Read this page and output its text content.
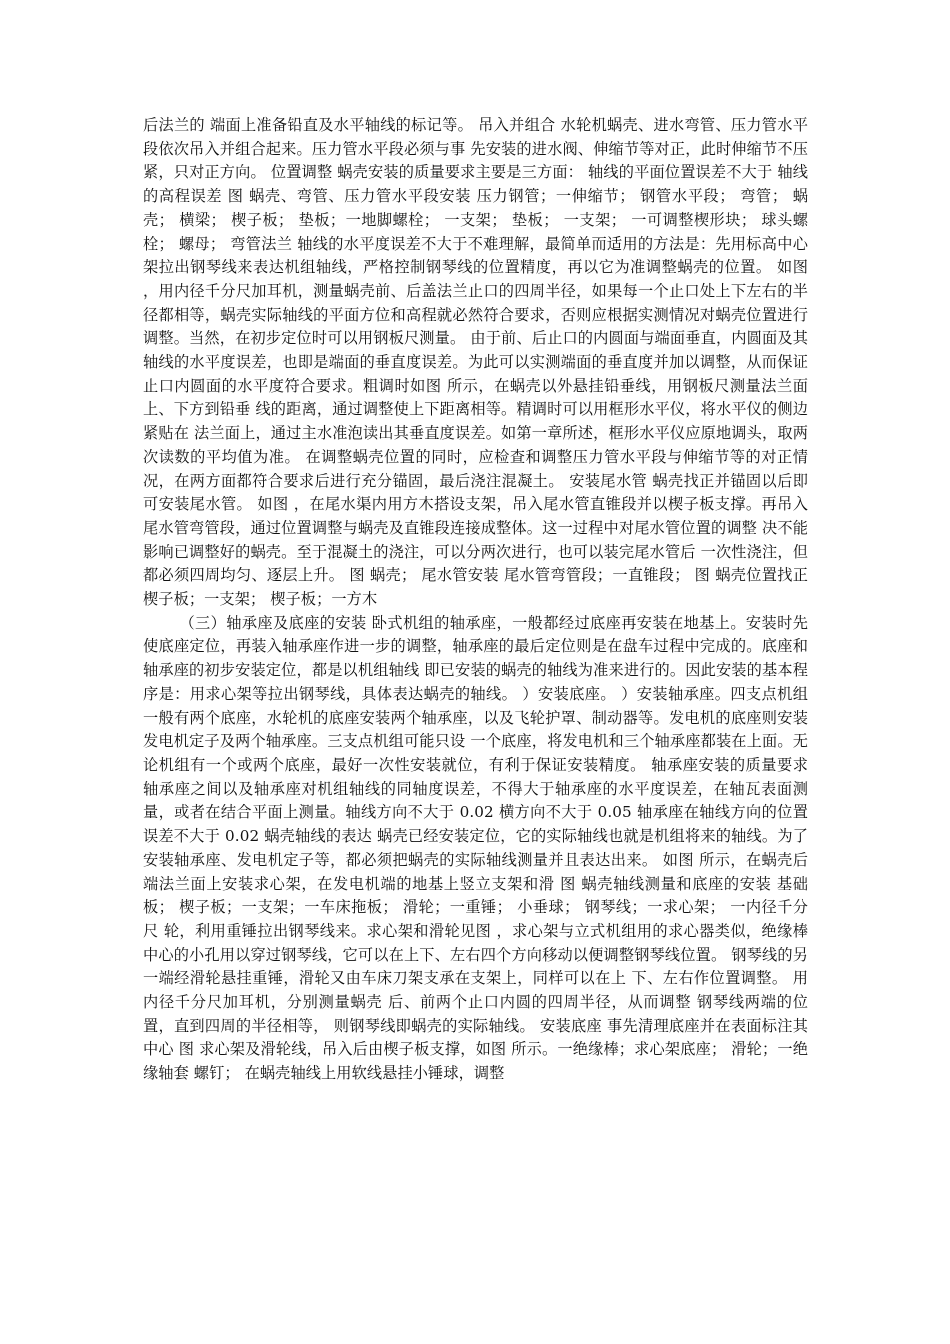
后法兰的 端面上准备铅直及水平轴线的标记等。 吊入并组合 水轮机蜗壳、进水弯管、压力管水平段依次吊入并组合起来。压力管水平段必须与事 先安装的进水阀、伸缩节等对正，此时伸缩节不压紧，只对正方向。 位置调整 蜗壳安装的质量要求主要是三方面： 轴线的平面位置误差不大于 轴线的高程误差 图 蜗壳、弯管、压力管水平段安装 压力钢管；一伸缩节； 钢管水平段； 弯管； 蜗壳； 横梁； 楔子板； 垫板；一地脚螺栓； 一支架； 垫板； 一支架； 一可调整楔形块； 球头螺栓； 螺母； 弯管法兰 轴线的水平度误差不大于不难理解，最简单而适用的方法是：先用标高中心架拉出钢琴线来表达机组轴线，严格控制钢琴线的位置精度，再以它为准调整蜗壳的位置。 如图 ，用内径千分尺加耳机，测量蜗壳前、后盖法兰止口的四周半径，如果每一个止口处上下左右的半径都相等，蜗壳实际轴线的平面方位和高程就必然符合要求，否则应根据实测情况对蜗壳位置进行调整。当然，在初步定位时可以用钢板尺测量。 由于前、后止口的内圆面与端面垂直，内圆面及其轴线的水平度误差，也即是端面的垂直度误差。为此可以实测端面的垂直度并加以调整，从而保证止口内圆面的水平度符合要求。粗调时如图 所示，在蜗壳以外悬挂铅垂线，用钢板尺测量法兰面上、下方到铅垂 线的距离，通过调整使上下距离相等。精调时可以用框形水平仪，将水平仪的侧边紧贴在 法兰面上，通过主水准泡读出其垂直度误差。如第一章所述，框形水平仪应原地调头，取两次读数的平均值为准。 在调整蜗壳位置的同时，应检查和调整压力管水平段与伸缩节等的对正情况，在两方面都符合要求后进行充分锚固，最后浇注混凝土。 安装尾水管 蜗壳找正并锚固以后即可安装尾水管。 如图 ，在尾水渠内用方木搭设支架，吊入尾水管直锥段并以楔子板支撑。再吊入尾水管弯管段，通过位置调整与蜗壳及直锥段连接成整体。这一过程中对尾水管位置的调整 决不能影响已调整好的蜗壳。至于混凝土的浇注，可以分两次进行，也可以装完尾水管后 一次性浇注，但都必须四周均匀、逐层上升。 图 蜗壳； 尾水管安装 尾水管弯管段；一直锥段； 图 蜗壳位置找正 楔子板；一支架； 楔子板；一方木

（三）轴承座及底座的安装 卧式机组的轴承座，一般都经过底座再安装在地基上。安装时先使底座定位，再装入轴承座作进一步的调整，轴承座的最后定位则是在盘车过程中完成的。底座和轴承座的初步安装定位，都是以机组轴线 即已安装的蜗壳的轴线为准来进行的。因此安装的基本程序是：用求心架等拉出钢琴线，具体表达蜗壳的轴线。 ）安装底座。 ）安装轴承座。四支点机组一般有两个底座，水轮机的底座安装两个轴承座，以及飞轮护罩、制动器等。发电机的底座则安装发电机定子及两个轴承座。三支点机组可能只设 一个底座，将发电机和三个轴承座都装在上面。无论机组有一个或两个底座，最好一次性安装就位，有利于保证安装精度。 轴承座安装的质量要求 轴承座之间以及轴承座对机组轴线的同轴度误差，不得大于轴承座的水平度误差，在轴瓦表面测量，或者在结合平面上测量。轴线方向不大于 0.02 横方向不大于 0.05 轴承座在轴线方向的位置误差不大于 0.02 蜗壳轴线的表达 蜗壳已经安装定位，它的实际轴线也就是机组将来的轴线。为了安装轴承座、发电机定子等，都必须把蜗壳的实际轴线测量并且表达出来。 如图 所示，在蜗壳后端法兰面上安装求心架，在发电机端的地基上竖立支架和滑 图 蜗壳轴线测量和底座的安装 基础板； 楔子板；一支架；一车床拖板； 滑轮；一重锤； 小垂球； 钢琴线；一求心架； 一内径千分尺 轮，利用重锤拉出钢琴线来。求心架和滑轮见图 ，求心架与立式机组用的求心器类似，绝缘棒中心的小孔用以穿过钢琴线，它可以在上下、左右四个方向移动以便调整钢琴线位置。 钢琴线的另一端经滑轮悬挂重锤，滑轮又由车床刀架支承在支架上，同样可以在上 下、左右作位置调整。 用内径千分尺加耳机，分别测量蜗壳 后、前两个止口内圆的四周半径，从而调整 钢琴线两端的位置，直到四周的半径相等， 则钢琴线即蜗壳的实际轴线。 安装底座 事先清理底座并在表面标注其中心 图 求心架及滑轮线，吊入后由楔子板支撑，如图 所示。一绝缘棒；求心架底座； 滑轮；一绝缘轴套 螺钉； 在蜗壳轴线上用软线悬挂小锤球，调整
